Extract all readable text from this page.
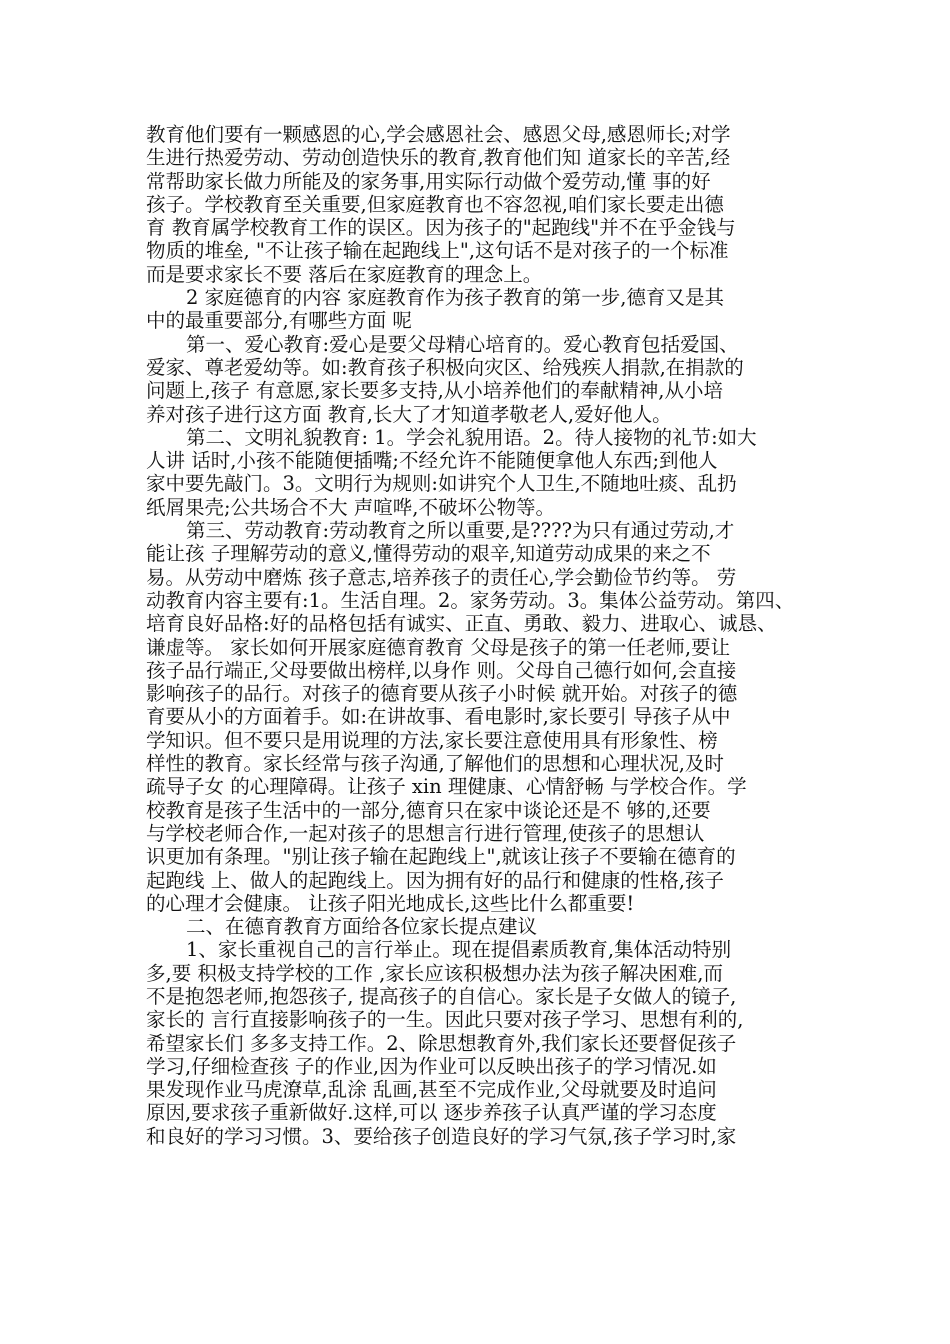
教育他们要有一颗感恩的心,学会感恩社会、感恩父母,感恩师长;对学
生进行热爱劳动、劳动创造快乐的教育,教育他们知 道家长的辛苦,经
常帮助家长做力所能及的家务事,用实际行动做个爱劳动,懂 事的好
孩子。学校教育至关重要,但家庭教育也不容忽视,咱们家长要走出德
育 教育属学校教育工作的误区。因为孩子的"起跑线"并不在乎金钱与
物质的堆垒, "不让孩子输在起跑线上",这句话不是对孩子的一个标准
而是要求家长不要 落后在家庭教育的理念上。
2 家庭德育的内容 家庭教育作为孩子教育的第一步,德育又是其
中的最重要部分,有哪些方面 呢
第一、爱心教育:爱心是要父母精心培育的。爱心教育包括爱国、
爱家、尊老爱幼等。如:教育孩子积极向灾区、给残疾人捐款,在捐款的
问题上,孩子 有意愿,家长要多支持,从小培养他们的奉献精神,从小培
养对孩子进行这方面 教育,长大了才知道孝敬老人,爱好他人。
第二、文明礼貌教育: 1。学会礼貌用语。2。待人接物的礼节:如大
人讲 话时,小孩不能随便插嘴;不经允许不能随便拿他人东西;到他人
家中要先敲门。3。文明行为规则:如讲究个人卫生,不随地吐痰、乱扔
纸屑果壳;公共场合不大 声喧哗,不破坏公物等。
第三、劳动教育:劳动教育之所以重要,是????为只有通过劳动,才
能让孩 子理解劳动的意义,懂得劳动的艰辛,知道劳动成果的来之不
易。从劳动中磨炼 孩子意志,培养孩子的责任心,学会勤俭节约等。 劳
动教育内容主要有:1。生活自理。2。家务劳动。3。集体公益劳动。第四、
培育良好品格:好的品格包括有诚实、正直、勇敢、毅力、进取心、诚恳、
谦虚等。 家长如何开展家庭德育教育 父母是孩子的第一任老师,要让
孩子品行端正,父母要做出榜样,以身作 则。父母自己德行如何,会直接
影响孩子的品行。对孩子的德育要从孩子小时候 就开始。对孩子的德
育要从小的方面着手。如:在讲故事、看电影时,家长要引 导孩子从中
学知识。但不要只是用说理的方法,家长要注意使用具有形象性、榜
样性的教育。家长经常与孩子沟通,了解他们的思想和心理状况,及时
疏导子女 的心理障碍。让孩子 xin 理健康、心情舒畅 与学校合作。学
校教育是孩子生活中的一部分,德育只在家中谈论还是不 够的,还要
与学校老师合作,一起对孩子的思想言行进行管理,使孩子的思想认
识更加有条理。"别让孩子输在起跑线上",就该让孩子不要输在德育的
起跑线 上、做人的起跑线上。因为拥有好的品行和健康的性格,孩子
的心理才会健康。 让孩子阳光地成长,这些比什么都重要!
二、在德育教育方面给各位家长提点建议
1、家长重视自己的言行举止。现在提倡素质教育,集体活动特别
多,要 积极支持学校的工作 ,家长应该积极想办法为孩子解决困难,而
不是抱怨老师,抱怨孩子, 提高孩子的自信心。家长是子女做人的镜子,
家长的 言行直接影响孩子的一生。因此只要对孩子学习、思想有利的,
希望家长们 多多支持工作。2、除思想教育外,我们家长还要督促孩子
学习,仔细检查孩 子的作业,因为作业可以反映出孩子的学习情况.如
果发现作业马虎潦草,乱涂 乱画,甚至不完成作业,父母就要及时追问
原因,要求孩子重新做好.这样,可以 逐步养孩子认真严谨的学习态度
和良好的学习习惯。3、要给孩子创造良好的学习气氛,孩子学习时,家
